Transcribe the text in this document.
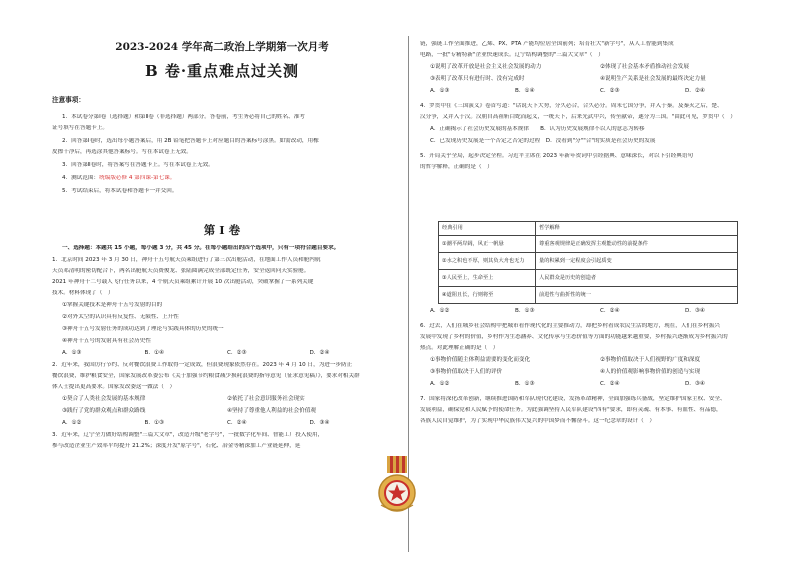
2023-2024 学年高二政治上学期第一次月考
B 卷·重点难点过关测
注意事项：

1．本试卷分第Ⅰ卷（选择题）和第Ⅱ卷（非选择题）两部分。答卷前，考生务必将自己的姓名、准考

证号填写在答题卡上。

2．回答第Ⅰ卷时，选出每小题答案后，用 2B 铅笔把答题卡上对应题目的答案标号涂黑。如需改动，用橡

皮擦干净后，再选涂其他答案标号。写在本试卷上无效。

3．回答第Ⅱ卷时，将答案写在答题卡上。写在本试卷上无效。

4．测试范围：统编版必修 4 第四课-第七课。

5．考试结束后，将本试卷和答题卡一并交回。

第 Ⅰ 卷

一、选择题：本题共 15 小题，每小题 3 分，共 45 分。在每小题给出的四个选项中，只有一项符合题目要求。

1．北京时间 2023 年 3 月 30 日，神舟十五号航天员乘组进行了第三次出舱活动，在地面工作人员和舱内航

天员邓清明的密切配合下，两名出舱航天员费俊龙、张陆圆满完成全部既定任务，安全返回问天实验舱。

2021 年神舟十二号载人飞行任务以来，4 个航天员乘组累计开展 10 次出舱活动，突破掌握了一系列关键

技术。材料体现了（　）

①掌握关键技术是神舟十五号发射的目的

②对外太空的认识具有反复性、无限性、上升性

③神舟十五号发射任务的成功达到了理论与实践具体的历史的统一

④神舟十五号的发射具有社会历史性

A．①③	B．①④	C．②③	D．②④

2．近年来，我国厉行节约、反对餐饮浪费工作取得一定成效，但浪费现象依然存在。2023 年 4 月 10 日，为进一步防止

餐饮浪费，维护粮食安全，国家发展改革委公布《关于加强节约粮食减少损耗浪费的指导意见（征求意见稿）》，要求对相关群

体人士提出更高要求。国家发改委这一做法（　）

①契合了人类社会发展的基本规律	②依托了社会意识服务社会现实
③践行了党的群众观点和群众路线	④坚持了尊重他人利益的社会价值观
A．①②	B．①③	C．②④	D．③④

3．近年来，辽宁全力做好结构调整"三篇大文章"，改造升级"老字号"，一批数字化车间、智能工厂投入使用，

参与改造企业生产效率平均提升 21.2%；深度开发"原字号"，石化、冶金等精深加工产业链延伸，延

链，强链工作全面推进，乙烯、PX、PTA 产能均位居全国前列；培育壮大"新字号"，从人工智能到集成

电路，一批"专精特新"企业快速成长。辽宁结构调整的"三篇大文章"（　）

①说明了改革开放是社会主义社会发展的动力	②体现了社会基本矛盾推动社会发展
③表明了改革只有进行时、没有完成时	④说明生产关系是社会发展的最终决定力量
A．①③	B．①④	C．②③	D．②④

4．罗贯中在《三国演义》卷首写道："话说天下大势，分久必合，合久必分。周末七国分争，并入于秦。及秦灭之后，楚、

汉分争，又并入于汉。汉朝自高祖斩白蛇而起义，一统天下，后来光武中兴，传至献帝，遂分为三国。"由此可见，罗贯中（　）

A．正确揭示了社会历史发展的基本规律　　B．认为历史发展规律不以人的意志为转移

C．已发现历史发展是一个否定之否定的过程　D．没看到"分""合"的实质是社会历史的发展

5．开局关乎全局，起步决定全程。习近平主席在 2023 年新年贺词中引经据典、意味深长，对以下引经典语句

的哲学解释，正确的是（　）

经典引用	哲学解释
①潮平两岸阔，风正一帆悬	尊重客观规律是正确发挥主观能动性的前提条件
②水之积也不厚，则其负大舟也无力	量的积累到一定程度会引起质变
③人民至上，生命至上	人民群众是历史的创造者
④道阻且长，行则将至	前进性与曲折性的统一
A．①②	B．①③	C．②④	D．③④

6．过去，人们在城乡社会结构中把城市看作现代化的主要推动力，却把乡村看成农民生活的地方，现在，人们在乡村振兴

发展中发现了乡村的价值，乡村作为生态涵养、文化传承与生态价值等方面的功能越来越重要，乡村振兴逐渐成为乡村振兴的

热点。对此理解正确的是（　）

①事物价值随主体利益需要的变化而变化	②事物价值取决于人们视野的广度和深度
③事物价值取决于人们的评价	④人的价值观影响事物价值的创造与实现
A．①②	B．①③	C．②④	D．③④

7．国家将深化改革创新，继续推进国防和军队现代化建设，发扬革命精神，全面加强练兵备战，坚定维护国家主权、安全、

发展利益，确保党和人民赋予的使命任务。为此强调坚持人民军队建设"四有"要求，即有灵魂、有本事、有血性、有品德，

各族人民自觉维护，为了实现中华民族伟大复兴的中国梦而不懈奋斗。这一纪念章的设计（　）
